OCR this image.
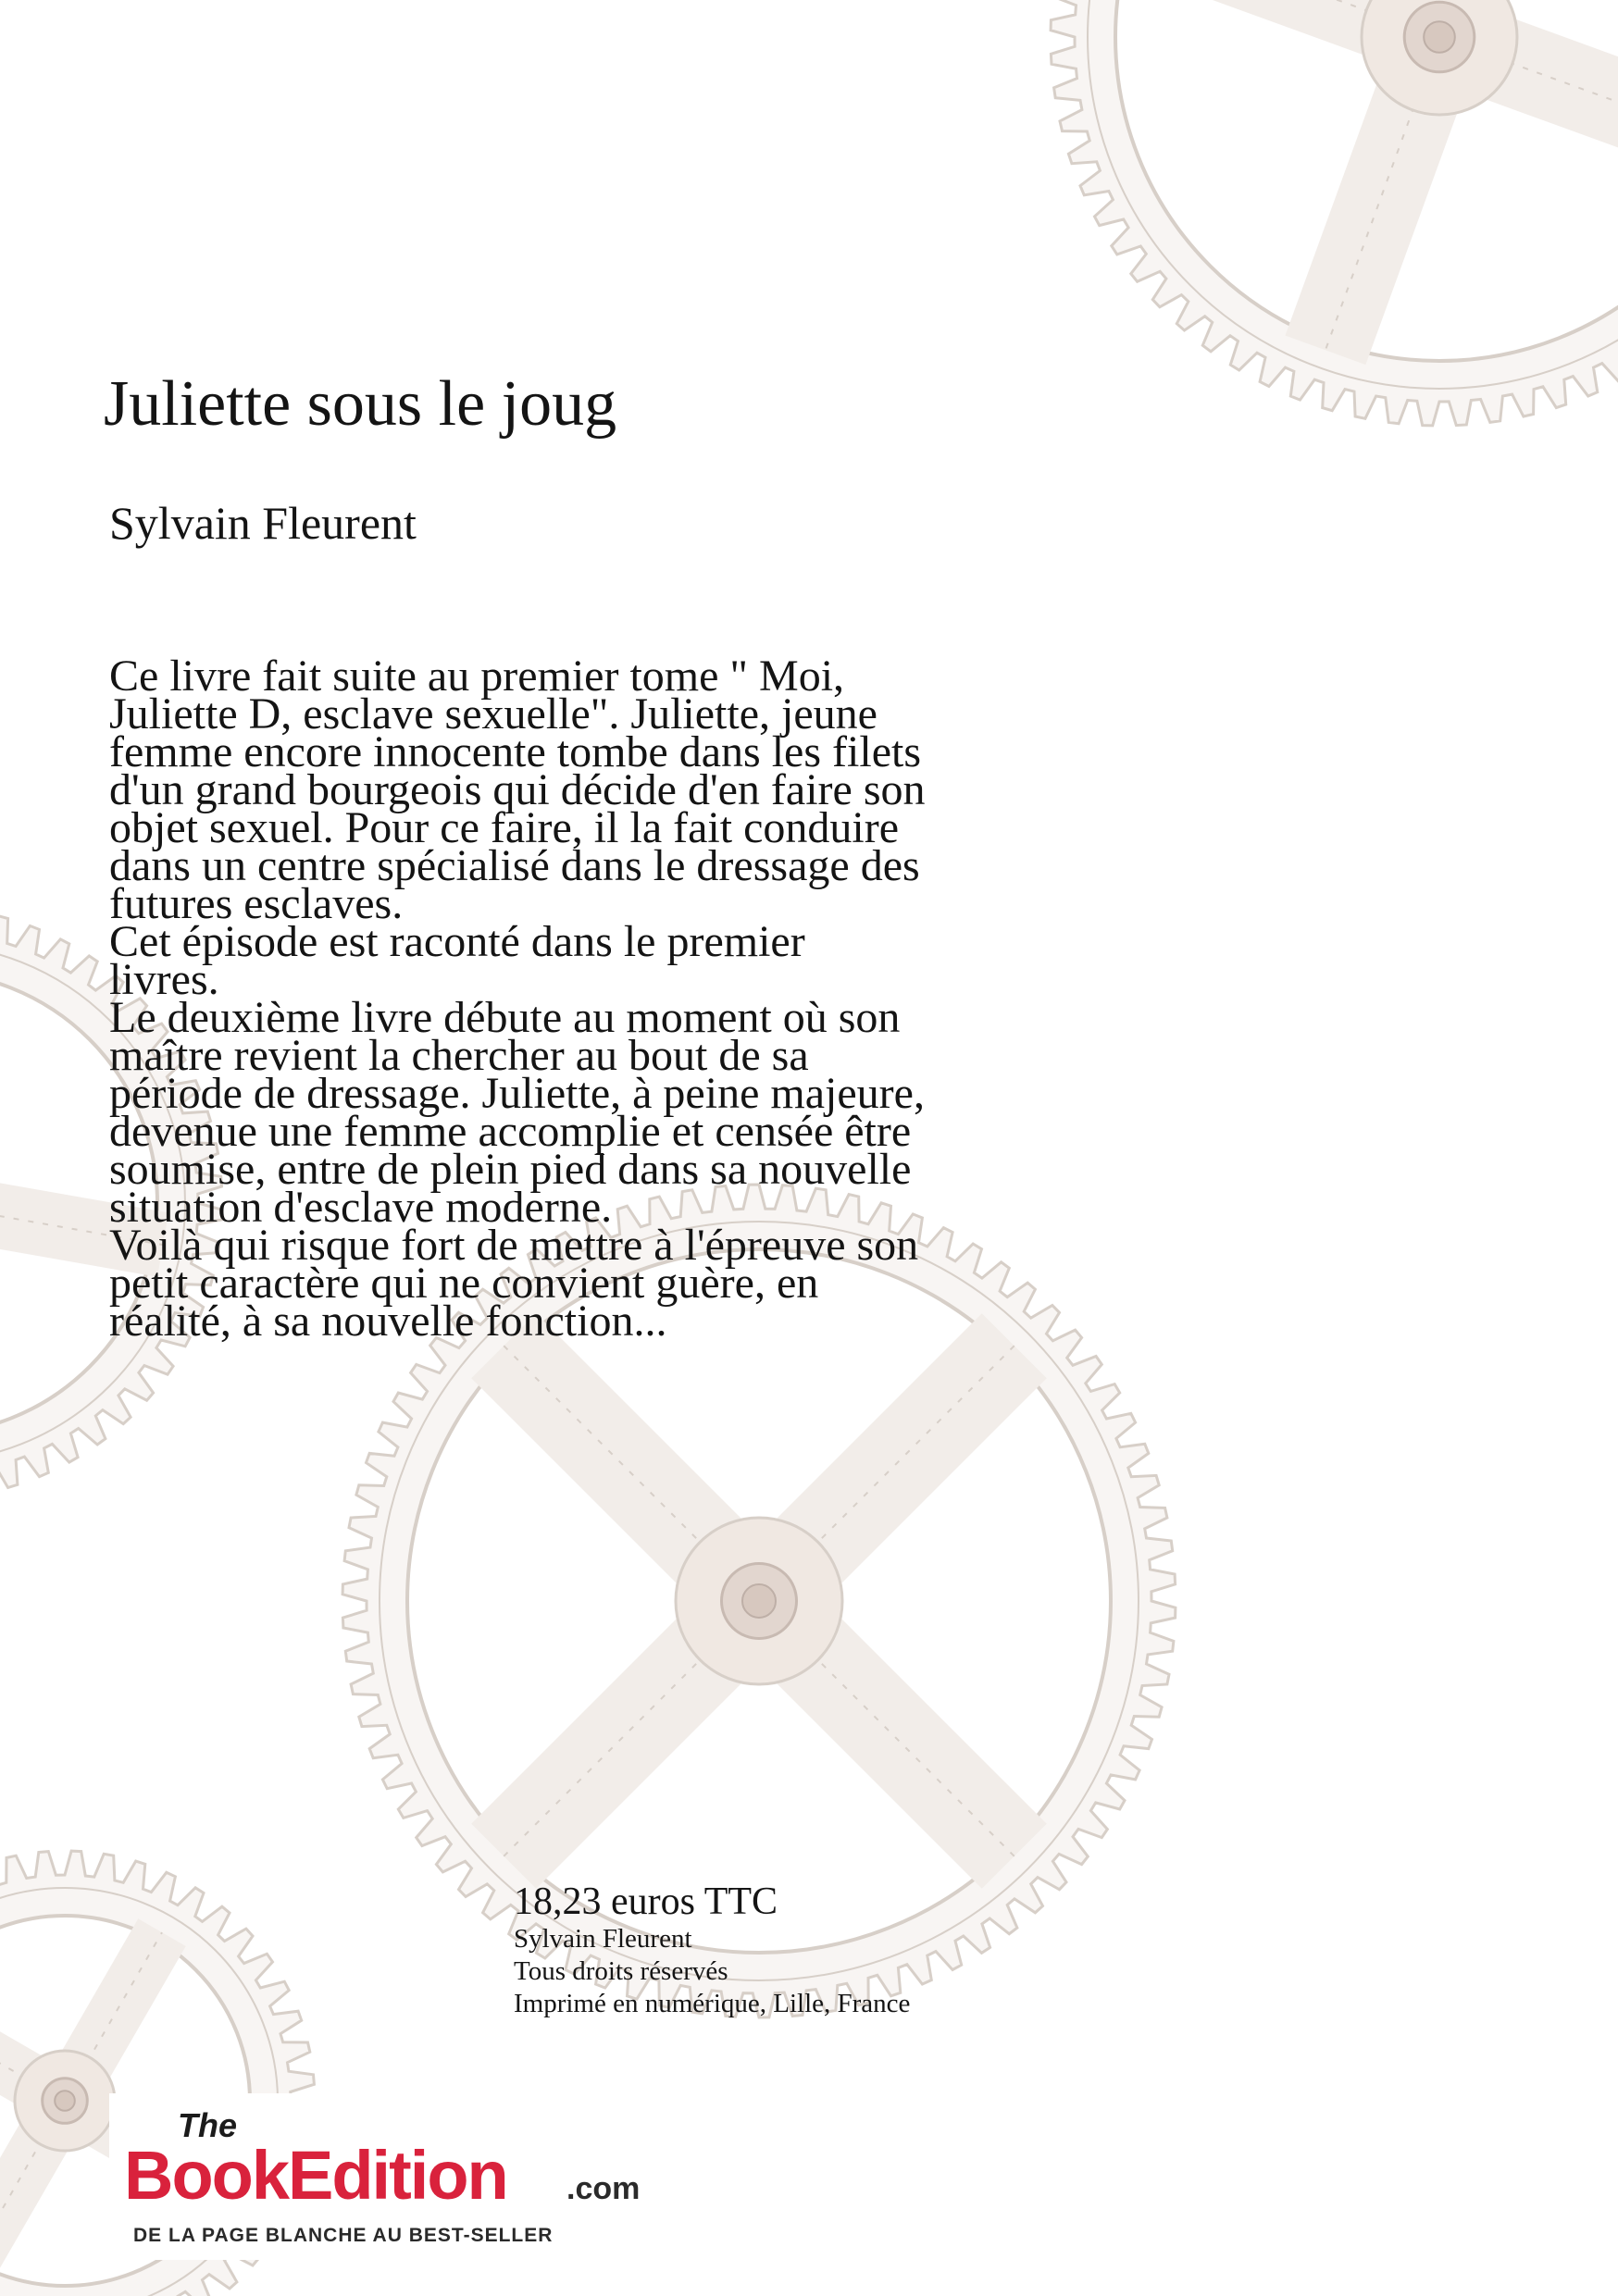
Juliette sous le joug
Sylvain Fleurent

Ce livre fait suite au premier tome " Moi,

Juliette D, esclave sexuelle". Juliette, jeune

femme encore innocente tombe dans les filets

d'un grand bourgeois qui décide d'en faire son

objet sexuel. Pour ce faire, il la fait conduire

dans un centre spécialisé dans le dressage des

futures esclaves.

Cet épisode est raconté dans le premier

livres.

Le deuxième livre débute au moment où son

maître revient la chercher au bout de sa

période de dressage. Juliette, à peine majeure,

devenue une femme accomplie et censée être

soumise, entre de plein pied dans sa nouvelle

situation d'esclave moderne.

Voilà qui risque fort de mettre à l'épreuve son

petit caractère qui ne convient guère, en

réalité, à sa nouvelle fonction...

18,23 euros TTC
Sylvain Fleurent
Tous droits réservés
Imprimé en numérique, Lille, France
The
BookEdition .com
DE LA PAGE BLANCHE AU BEST-SELLER
